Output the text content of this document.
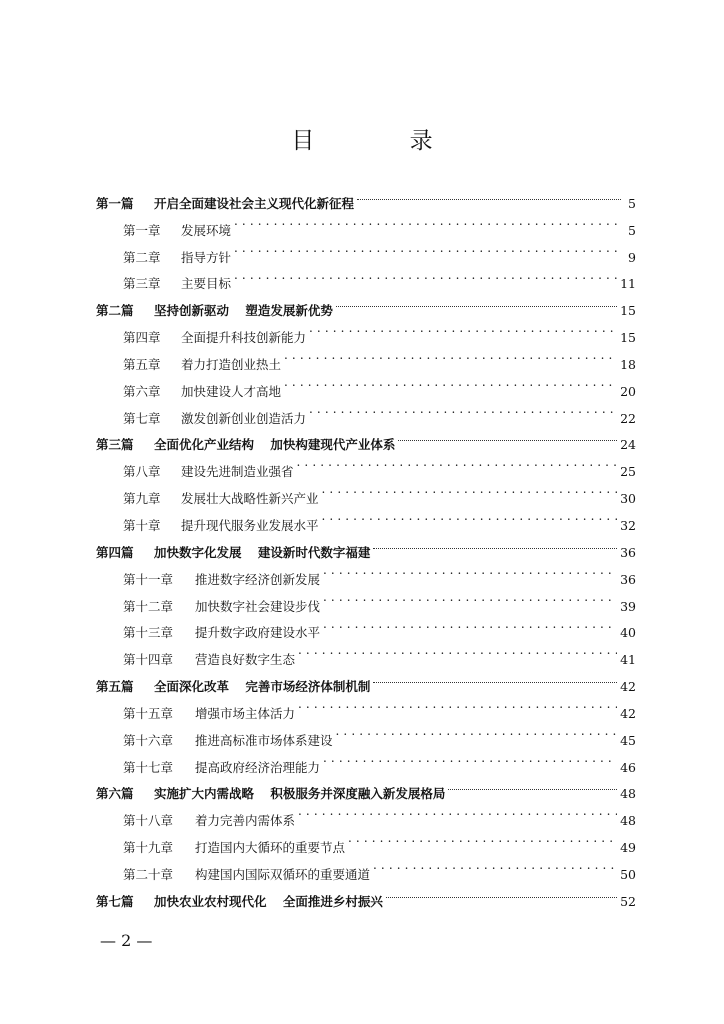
目 录
第一篇	开启全面建设社会主义现代化新征程	5
第一章	发展环境 .....	5
第二章	指导方针 .....	9
第三章	主要目标 .....	11
第二篇	坚持创新驱动 塑造发展新优势	15
第四章	全面提升科技创新能力 .....	15
第五章	着力打造创业热土 .....	18
第六章	加快建设人才高地 .....	20
第七章	激发创新创业创造活力 .....	22
第三篇	全面优化产业结构 加快构建现代产业体系	24
第八章	建设先进制造业强省 .....	25
第九章	发展壮大战略性新兴产业 .....	30
第十章	提升现代服务业发展水平 .....	32
第四篇	加快数字化发展 建设新时代数字福建	36
第十一章	推进数字经济创新发展 .....	36
第十二章	加快数字社会建设步伐 .....	39
第十三章	提升数字政府建设水平 .....	40
第十四章	营造良好数字生态 .....	41
第五篇	全面深化改革 完善市场经济体制机制	42
第十五章	增强市场主体活力 .....	42
第十六章	推进高标准市场体系建设 .....	45
第十七章	提高政府经济治理能力 .....	46
第六篇	实施扩大内需战略 积极服务并深度融入新发展格局	48
第十八章	着力完善内需体系 .....	48
第十九章	打造国内大循环的重要节点 .....	49
第二十章	构建国内国际双循环的重要通道 .....	50
第七篇	加快农业农村现代化 全面推进乡村振兴	52
— 2 —
